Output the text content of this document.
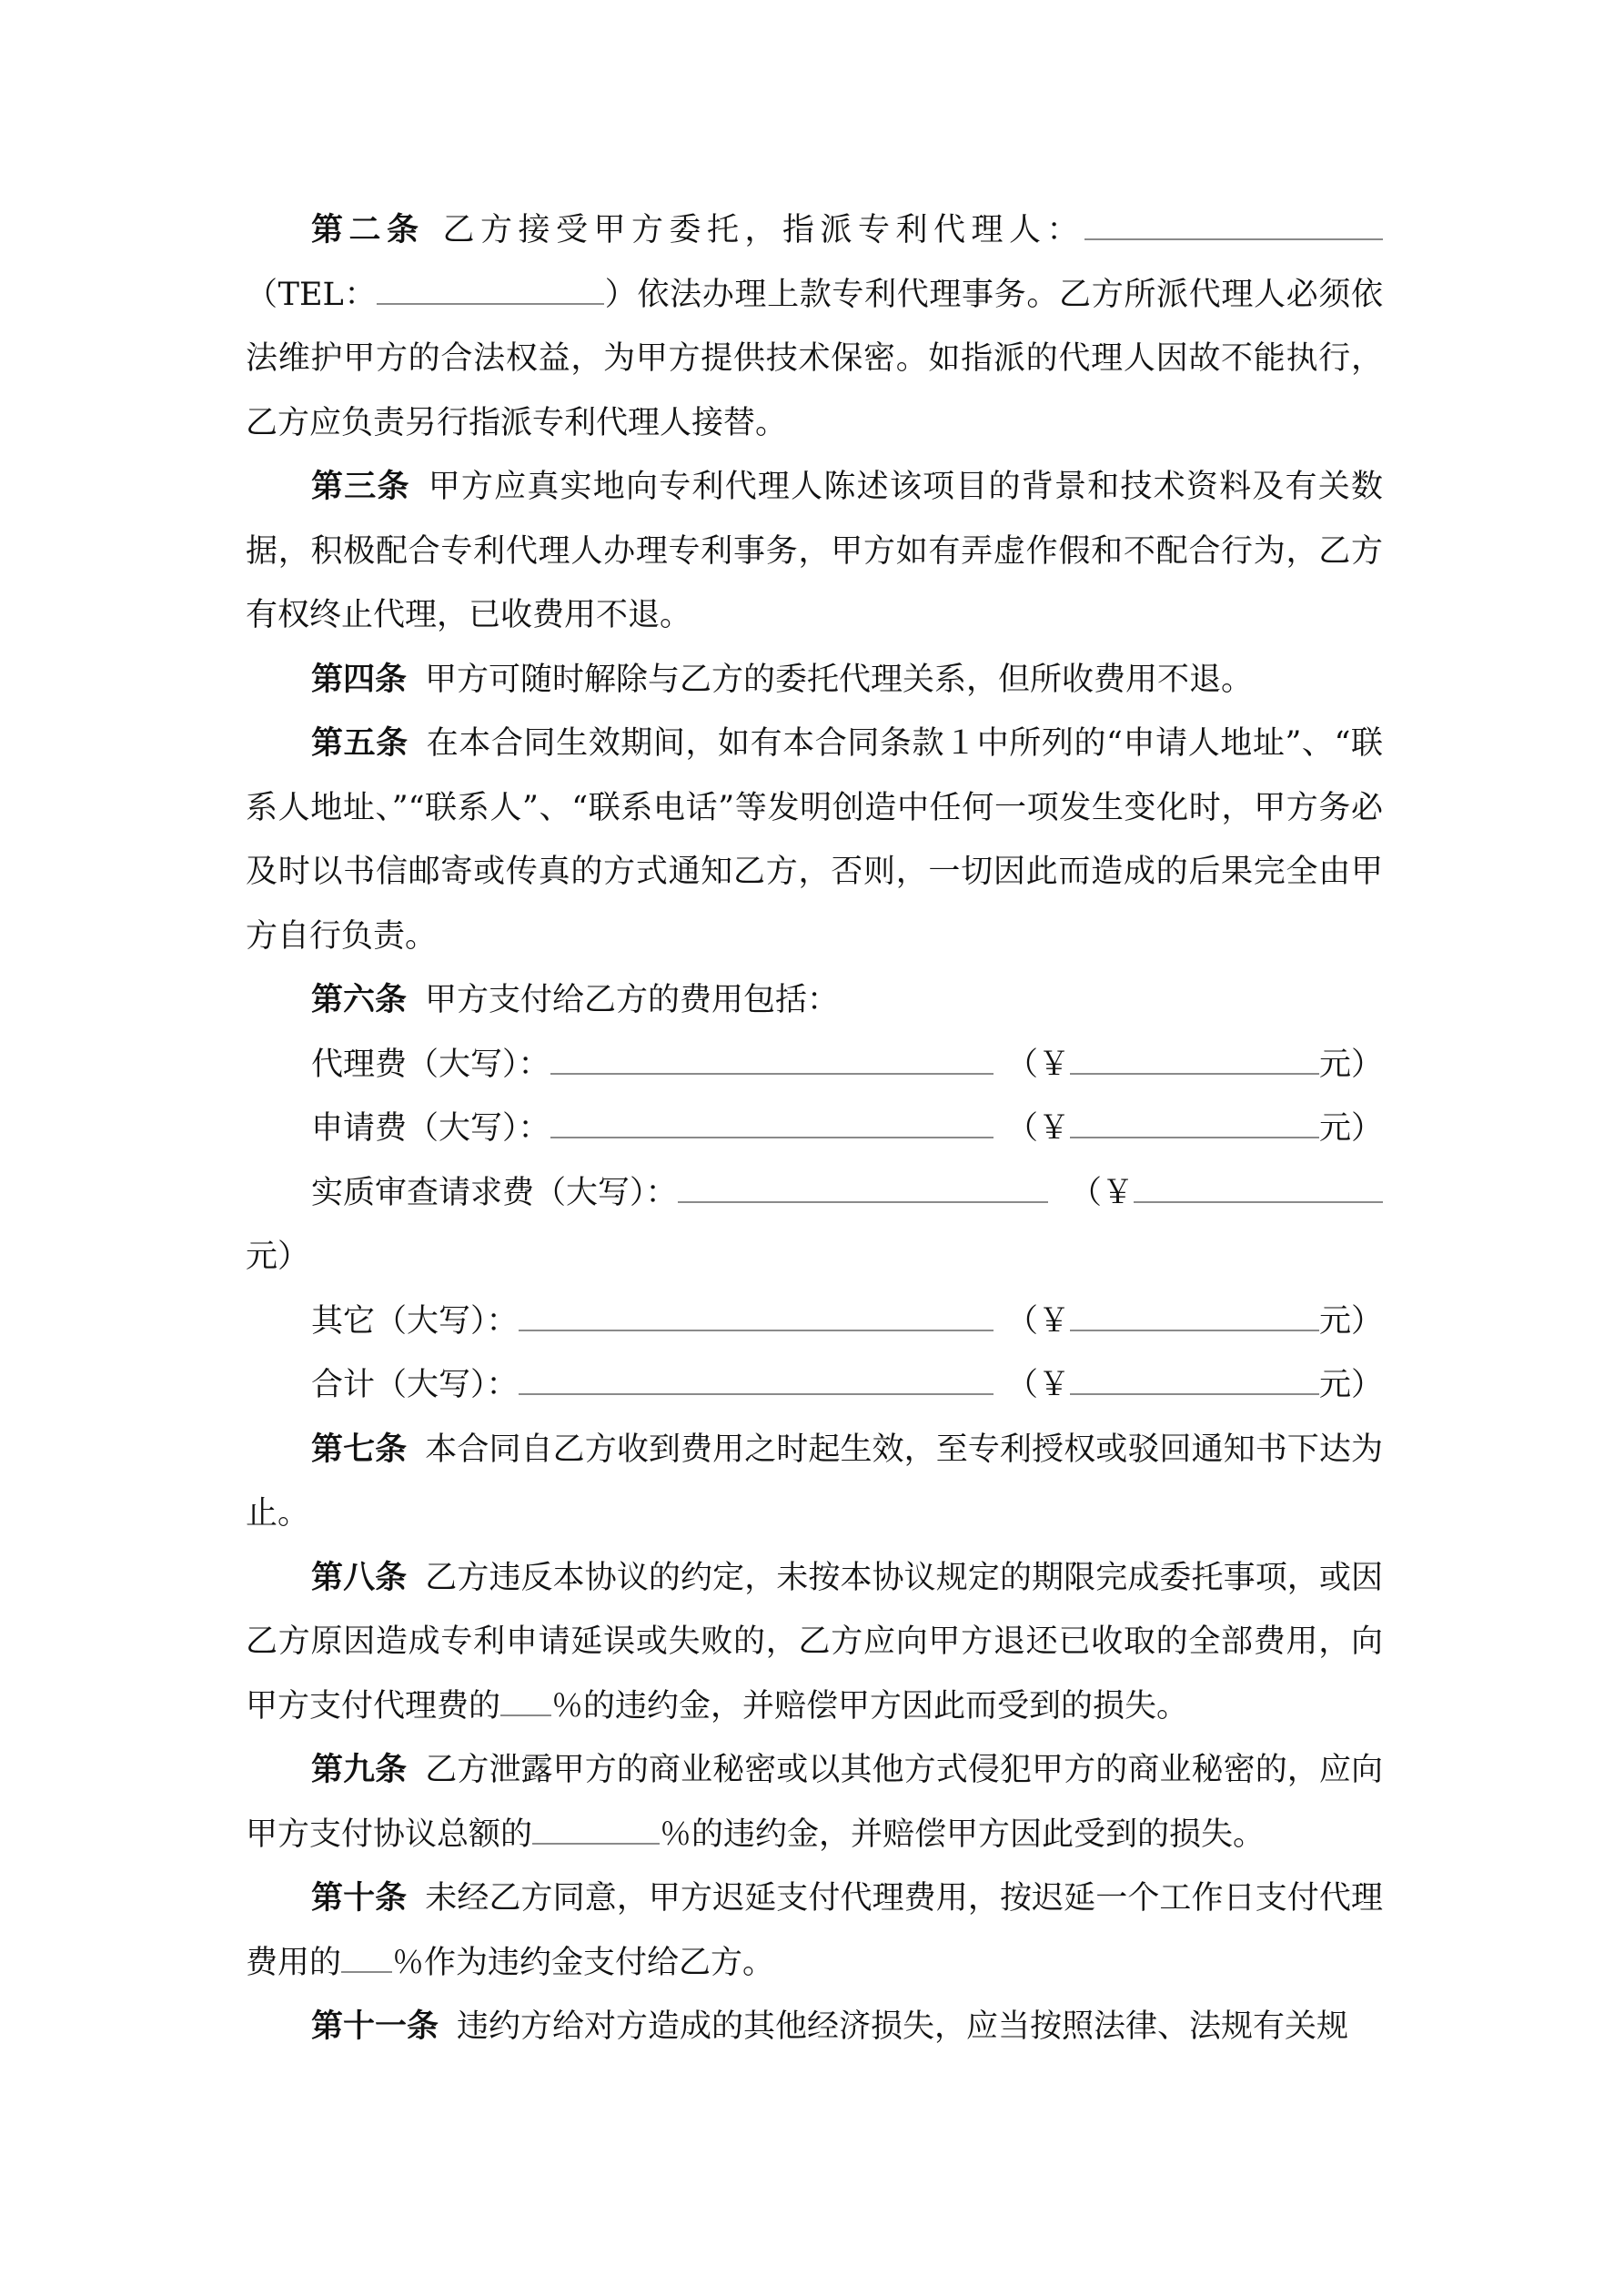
第二条 乙方接受甲方委托，指派专利代理人：（TEL：	）依法办理上款专利代理事务。乙方所派代理人必须依法维护甲方的合法权益，为甲方提供技术保密。如指派的代理人因故不能执行，乙方应负责另行指派专利代理人接替。

第三条 甲方应真实地向专利代理人陈述该项目的背景和技术资料及有关数据，积极配合专利代理人办理专利事务，甲方如有弄虚作假和不配合行为，乙方有权终止代理，已收费用不退。

第四条 甲方可随时解除与乙方的委托代理关系，但所收费用不退。

第五条 在本合同生效期间，如有本合同条款１中所列的“申请人地址”、“联系人地址、”“联系人”、“联系电话”等发明创造中任何一项发生变化时，甲方务必及时以书信邮寄或传真的方式通知乙方，否则，一切因此而造成的后果完全由甲方自行负责。

第六条 甲方支付给乙方的费用包括：

代理费（大写）：	（￥	元）
申请费（大写）：	（￥	元）
实质审查请求费（大写）：	（￥
元）
其它（大写）：	（￥	元）
合计（大写）：	（￥	元）

第七条 本合同自乙方收到费用之时起生效，至专利授权或驳回通知书下达为止。

第八条 乙方违反本协议的约定，未按本协议规定的期限完成委托事项，或因乙方原因造成专利申请延误或失败的，乙方应向甲方退还已收取的全部费用，向甲方支付代理费的 ％的违约金，并赔偿甲方因此而受到的损失。

第九条 乙方泄露甲方的商业秘密或以其他方式侵犯甲方的商业秘密的，应向甲方支付协议总额的	％的违约金，并赔偿甲方因此受到的损失。

第十条 未经乙方同意，甲方迟延支付代理费用，按迟延一个工作日支付代理费用的 ％作为违约金支付给乙方。

第十一条 违约方给对方造成的其他经济损失，应当按照法律、法规有关规
